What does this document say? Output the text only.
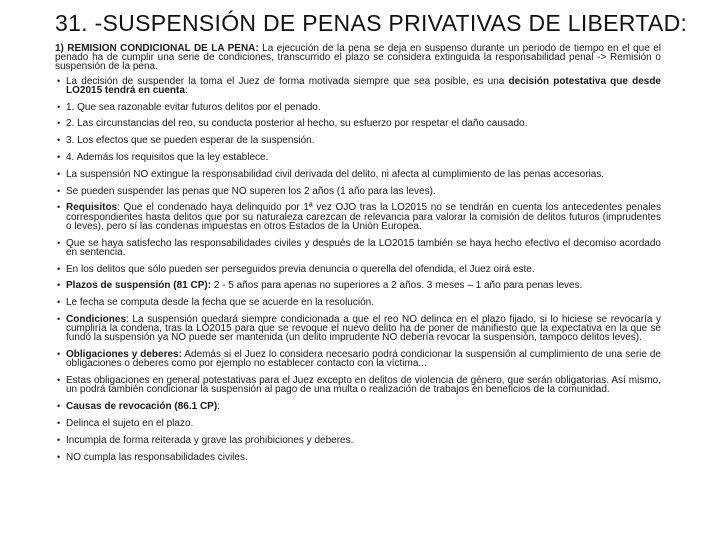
31. -SUSPENSIÓN DE PENAS PRIVATIVAS DE LIBERTAD:

1) REMISION CONDICIONAL DE LA PENA: La ejecución de la pena se deja en suspenso durante un periodo de tiempo en el que el penado ha de cumplir una serie de condiciones, transcurrido el plazo se considera extinguida la responsabilidad penal -> Remisión o suspensión de la pena.

• La decisión de suspender la toma el Juez de forma motivada siempre que sea posible, es una decisión potestativa que desde LO2015 tendrá en cuenta:
• 1. Que sea razonable evitar futuros delitos por el penado.
• 2. Las circunstancias del reo, su conducta posterior al hecho, su esfuerzo por respetar el daño causado.
• 3. Los efectos que se pueden esperar de la suspensión.
• 4. Además los requisitos que la ley establece.
• La suspensión NO extingue la responsabilidad civil derivada del delito, ni afecta al cumplimiento de las penas accesorias.
• Se pueden suspender las penas que NO superen los 2 años (1 año para las leves).
• Requisitos: Que el condenado haya delinquido por 1ª vez OJO tras la LO2015 no se tendrán en cuenta los antecedentes penales correspondientes hasta delitos que por su naturaleza carezcan de relevancia para valorar la comisión de delitos futuros (imprudentes o leves), pero sí las condenas impuestas en otros Estados de la Unión Europea.
• Que se haya satisfecho las responsabilidades civiles y después de la LO2015 también se haya hecho efectivo el decomiso acordado en sentencia.
• En los delitos que sólo pueden ser perseguidos previa denuncia o querella del ofendida, el Juez oirá este.
• Plazos de suspensión (81 CP): 2 - 5 años para apenas no superiores a 2 años. 3 meses – 1 año para penas leves.
• Le fecha se computa desde la fecha que se acuerde en la resolución.
• Condiciones: La suspensión quedará siempre condicionada a que el reo NO delinca en el plazo fijado, si lo hiciese se revocaría y cumpliría la condena, tras la LO2015 para que se revoque el nuevo delito ha de poner de manifiesto que la expectativa en la que se fundó la suspensión ya NO puede ser mantenida (un delito imprudente NO debería revocar la suspensión, tampoco delitos leves).
• Obligaciones y deberes: Además si el Juez lo considera necesario podrá condicionar la suspensión al cumplimiento de una serie de obligaciones o deberes como por ejemplo no establecer contacto con la víctima...
• Estas obligaciones en general potestativas para el Juez excepto en delitos de violencia de género, que serán obligatorias. Así mismo, un podrá también condicionar la suspensión al pago de una multa o realización de trabajos en beneficios de la comunidad.
• Causas de revocación (86.1 CP):
• Delinca el sujeto en el plazo.
• Incumpla de forma reiterada y grave las prohibiciones y deberes.
• NO cumpla las responsabilidades civiles.
